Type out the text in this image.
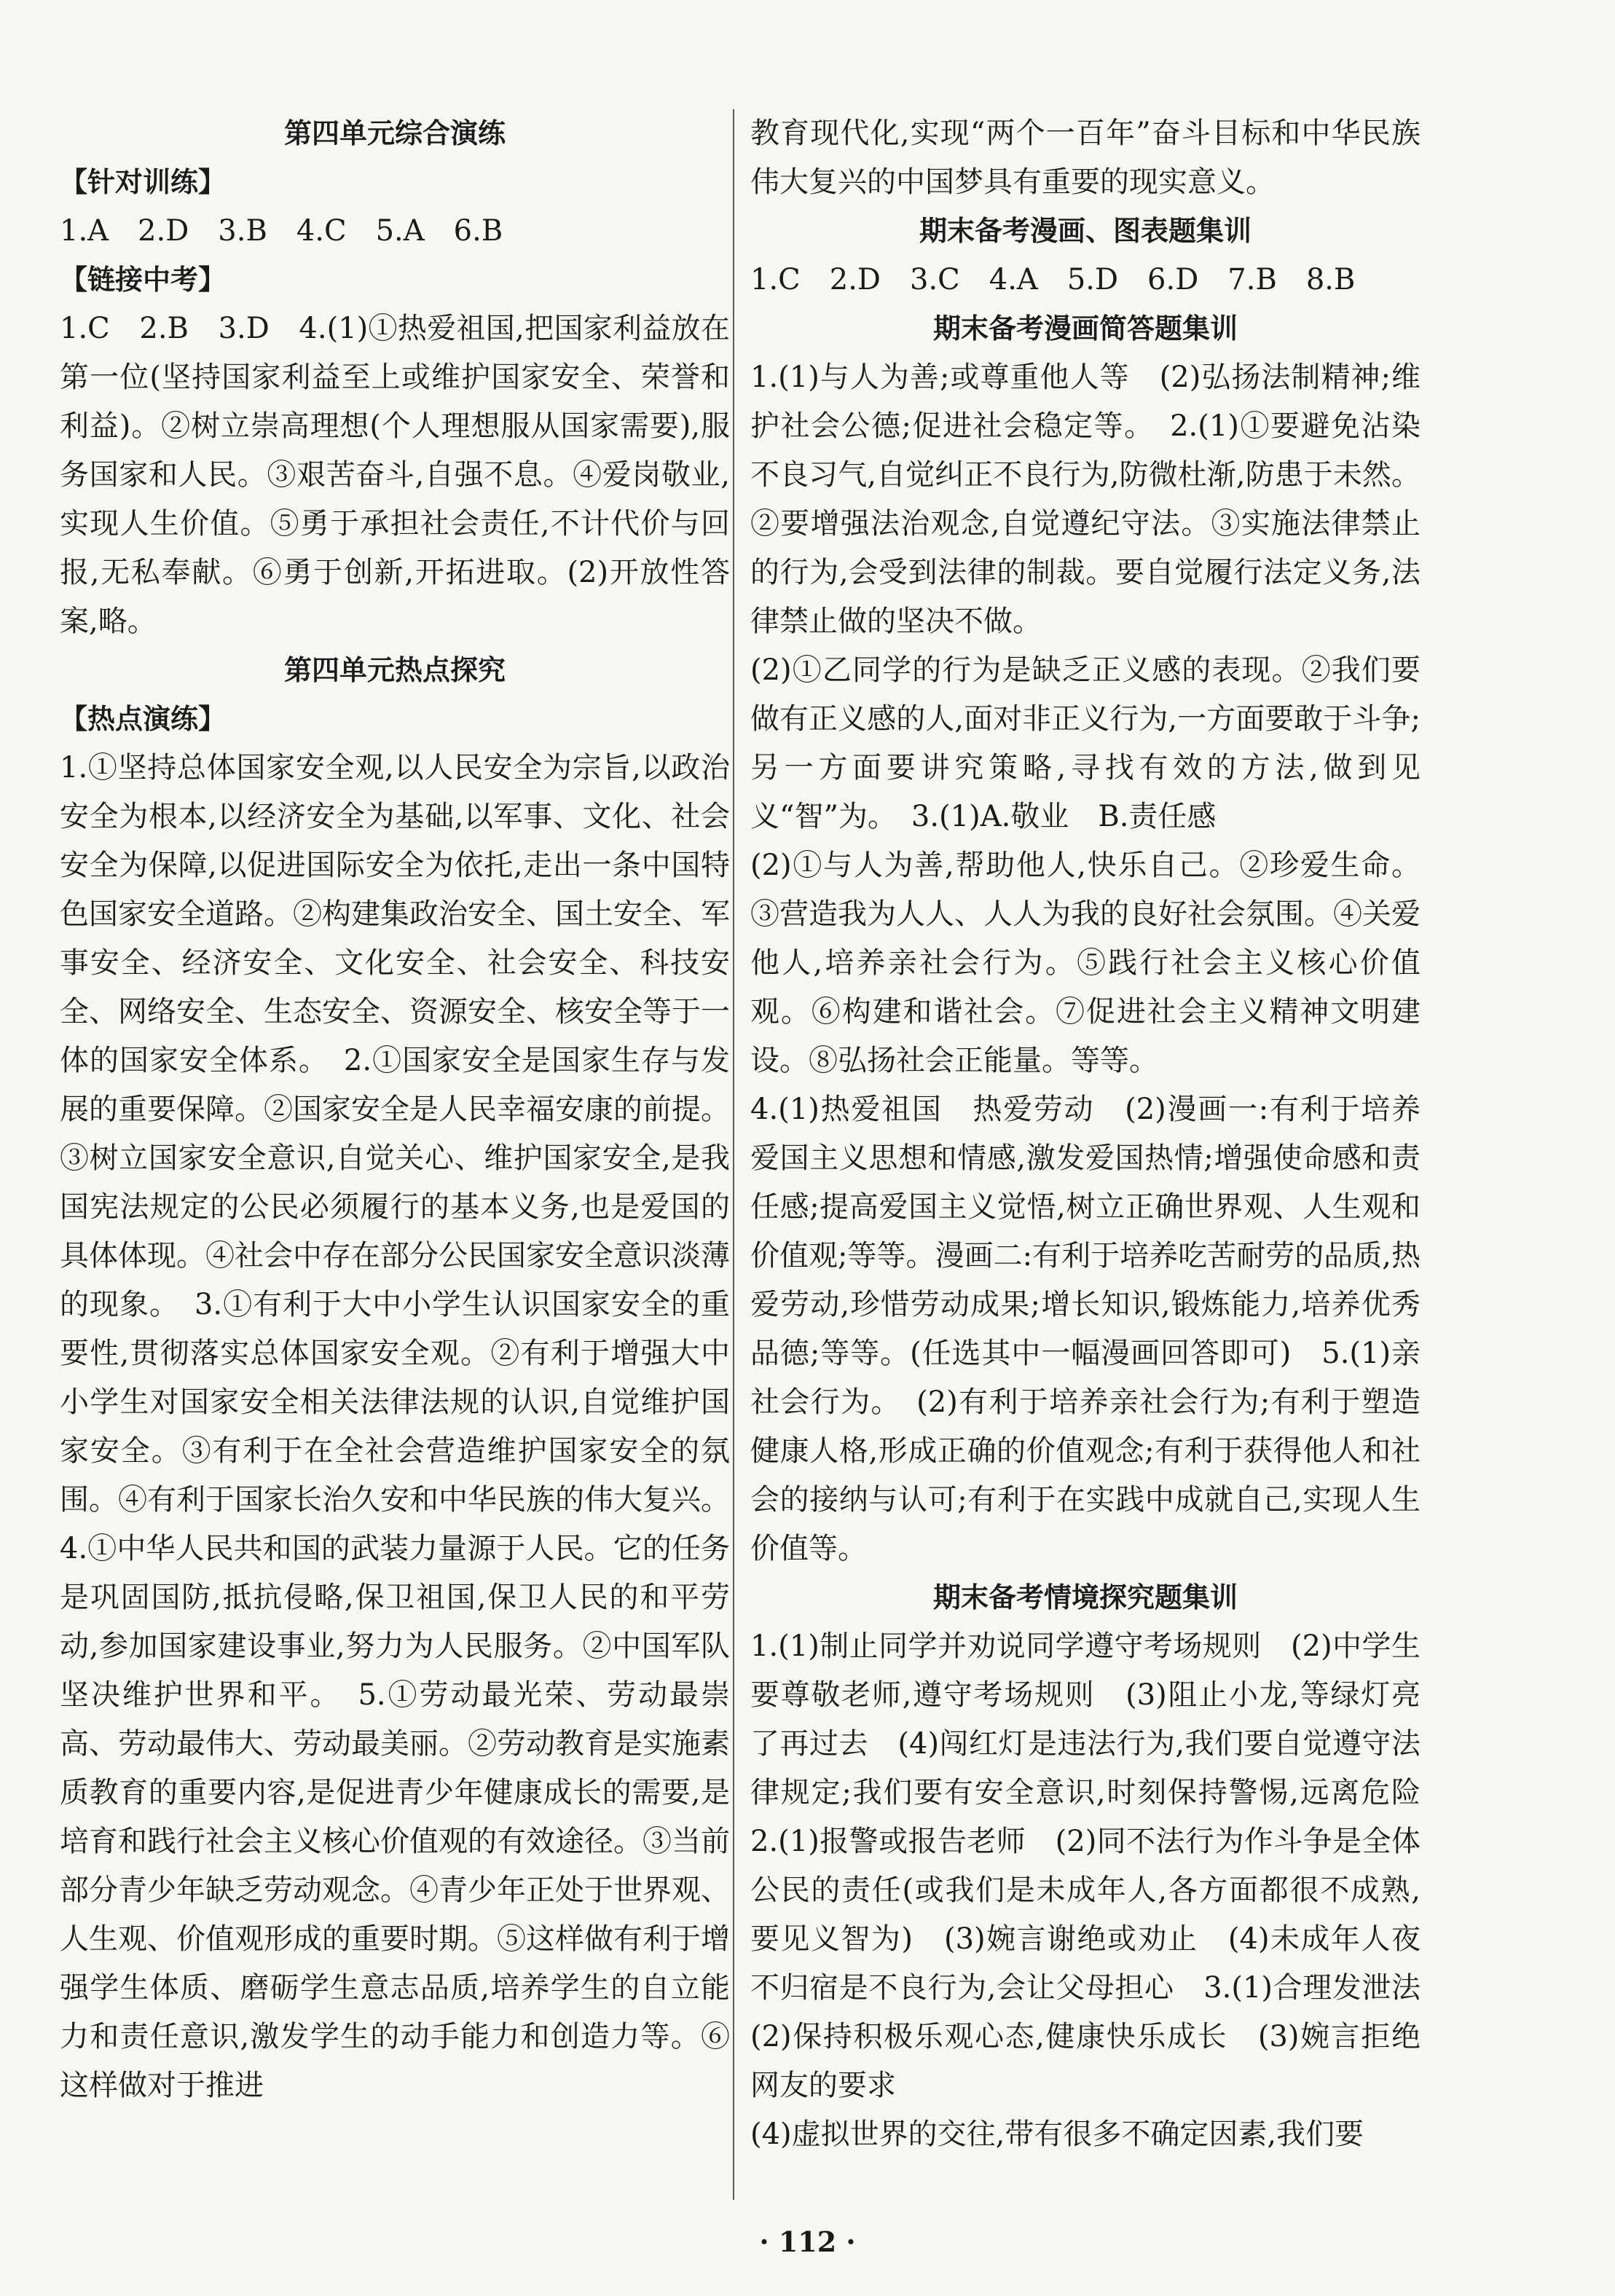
第四单元综合演练

【针对训练】

1.A　2.D　3.B　4.C　5.A　6.B

【链接中考】

1.C　2.B　3.D　4.(1)①热爱祖国,把国家利益放在第一位(坚持国家利益至上或维护国家安全、荣誉和利益)。②树立崇高理想(个人理想服从国家需要),服务国家和人民。③艰苦奋斗,自强不息。④爱岗敬业,实现人生价值。⑤勇于承担社会责任,不计代价与回报,无私奉献。⑥勇于创新,开拓进取。(2)开放性答案,略。

第四单元热点探究

【热点演练】

1.①坚持总体国家安全观,以人民安全为宗旨,以政治安全为根本,以经济安全为基础,以军事、文化、社会安全为保障,以促进国际安全为依托,走出一条中国特色国家安全道路。②构建集政治安全、国土安全、军事安全、经济安全、文化安全、社会安全、科技安全、网络安全、生态安全、资源安全、核安全等于一体的国家安全体系。　2.①国家安全是国家生存与发展的重要保障。②国家安全是人民幸福安康的前提。③树立国家安全意识,自觉关心、维护国家安全,是我国宪法规定的公民必须履行的基本义务,也是爱国的具体体现。④社会中存在部分公民国家安全意识淡薄的现象。　3.①有利于大中小学生认识国家安全的重要性,贯彻落实总体国家安全观。②有利于增强大中小学生对国家安全相关法律法规的认识,自觉维护国家安全。③有利于在全社会营造维护国家安全的氛围。④有利于国家长治久安和中华民族的伟大复兴。

4.①中华人民共和国的武装力量源于人民。它的任务是巩固国防,抵抗侵略,保卫祖国,保卫人民的和平劳动,参加国家建设事业,努力为人民服务。②中国军队坚决维护世界和平。　5.①劳动最光荣、劳动最崇高、劳动最伟大、劳动最美丽。②劳动教育是实施素质教育的重要内容,是促进青少年健康成长的需要,是培育和践行社会主义核心价值观的有效途径。③当前部分青少年缺乏劳动观念。④青少年正处于世界观、人生观、价值观形成的重要时期。⑤这样做有利于增强学生体质、磨砺学生意志品质,培养学生的自立能力和责任意识,激发学生的动手能力和创造力等。⑥这样做对于推进

教育现代化,实现“两个一百年”奋斗目标和中华民族伟大复兴的中国梦具有重要的现实意义。

期末备考漫画、图表题集训

1.C　2.D　3.C　4.A　5.D　6.D　7.B　8.B

期末备考漫画简答题集训

1.(1)与人为善;或尊重他人等　(2)弘扬法制精神;维护社会公德;促进社会稳定等。　2.(1)①要避免沾染不良习气,自觉纠正不良行为,防微杜渐,防患于未然。②要增强法治观念,自觉遵纪守法。③实施法律禁止的行为,会受到法律的制裁。要自觉履行法定义务,法律禁止做的坚决不做。

(2)①乙同学的行为是缺乏正义感的表现。②我们要做有正义感的人,面对非正义行为,一方面要敢于斗争;另一方面要讲究策略,寻找有效的方法,做到见义“智”为。　3.(1)A.敬业　B.责任感

(2)①与人为善,帮助他人,快乐自己。②珍爱生命。③营造我为人人、人人为我的良好社会氛围。④关爱他人,培养亲社会行为。⑤践行社会主义核心价值观。⑥构建和谐社会。⑦促进社会主义精神文明建设。⑧弘扬社会正能量。等等。

4.(1)热爱祖国　热爱劳动　(2)漫画一:有利于培养爱国主义思想和情感,激发爱国热情;增强使命感和责任感;提高爱国主义觉悟,树立正确世界观、人生观和价值观;等等。漫画二:有利于培养吃苦耐劳的品质,热爱劳动,珍惜劳动成果;增长知识,锻炼能力,培养优秀品德;等等。(任选其中一幅漫画回答即可)　5.(1)亲社会行为。　(2)有利于培养亲社会行为;有利于塑造健康人格,形成正确的价值观念;有利于获得他人和社会的接纳与认可;有利于在实践中成就自己,实现人生价值等。

期末备考情境探究题集训

1.(1)制止同学并劝说同学遵守考场规则　(2)中学生要尊敬老师,遵守考场规则　(3)阻止小龙,等绿灯亮了再过去　(4)闯红灯是违法行为,我们要自觉遵守法律规定;我们要有安全意识,时刻保持警惕,远离危险　2.(1)报警或报告老师　(2)同不法行为作斗争是全体公民的责任(或我们是未成年人,各方面都很不成熟,要见义智为)　(3)婉言谢绝或劝止　(4)未成年人夜不归宿是不良行为,会让父母担心　3.(1)合理发泄法　(2)保持积极乐观心态,健康快乐成长　(3)婉言拒绝网友的要求

(4)虚拟世界的交往,带有很多不确定因素,我们要

· 112 ·
